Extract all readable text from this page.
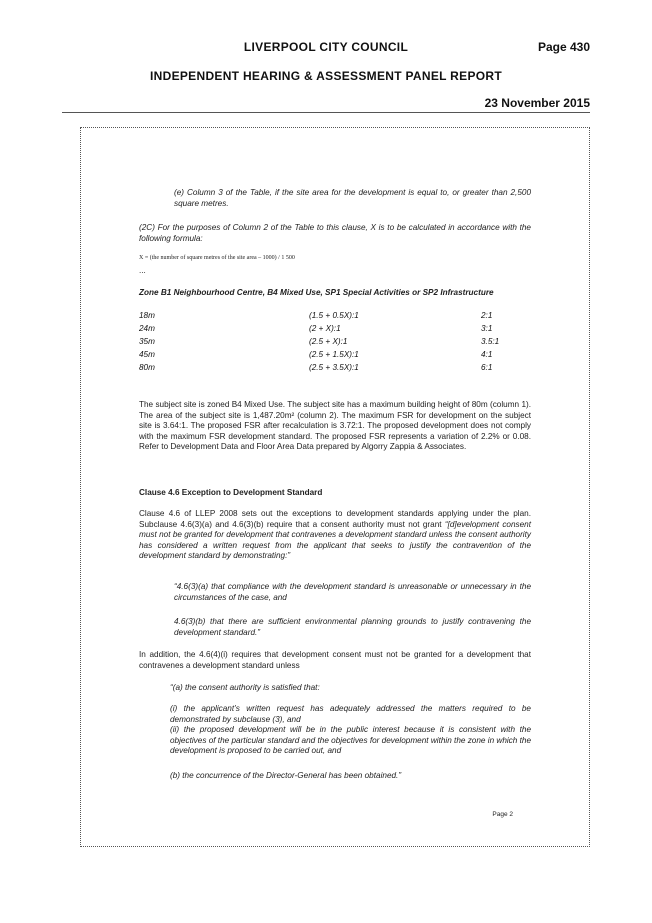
LIVERPOOL CITY COUNCIL	Page 430
INDEPENDENT HEARING & ASSESSMENT PANEL REPORT
23 November 2015
(e) Column 3 of the Table, if the site area for the development is equal to, or greater than 2,500 square metres.
(2C) For the purposes of Column 2 of the Table to this clause, X is to be calculated in accordance with the following formula:
X = (the number of square metres of the site area – 1000) / 1 500
...
Zone B1 Neighbourhood Centre, B4 Mixed Use, SP1 Special Activities or SP2 Infrastructure
18m	(1.5 + 0.5X):1	2:1
24m	(2 + X):1	3:1
35m	(2.5 + X):1	3.5:1
45m	(2.5 + 1.5X):1	4:1
80m	(2.5 + 3.5X):1	6:1
The subject site is zoned B4 Mixed Use. The subject site has a maximum building height of 80m (column 1). The area of the subject site is 1,487.20m² (column 2). The maximum FSR for development on the subject site is 3.64:1. The proposed FSR after recalculation is 3.72:1. The proposed development does not comply with the maximum FSR development standard. The proposed FSR represents a variation of 2.2% or 0.08. Refer to Development Data and Floor Area Data prepared by Algorry Zappia & Associates.
Clause 4.6 Exception to Development Standard
Clause 4.6 of LLEP 2008 sets out the exceptions to development standards applying under the plan. Subclause 4.6(3)(a) and 4.6(3)(b) require that a consent authority must not grant “[d]evelopment consent must not be granted for development that contravenes a development standard unless the consent authority has considered a written request from the applicant that seeks to justify the contravention of the development standard by demonstrating:”
“4.6(3)(a) that compliance with the development standard is unreasonable or unnecessary in the circumstances of the case, and
4.6(3)(b) that there are sufficient environmental planning grounds to justify contravening the development standard.”
In addition, the 4.6(4)(i) requires that development consent must not be granted for a development that contravenes a development standard unless
“(a) the consent authority is satisfied that:
(i) the applicant’s written request has adequately addressed the matters required to be demonstrated by subclause (3), and
(ii) the proposed development will be in the public interest because it is consistent with the objectives of the particular standard and the objectives for development within the zone in which the development is proposed to be carried out, and
(b) the concurrence of the Director-General has been obtained.”
Page 2
